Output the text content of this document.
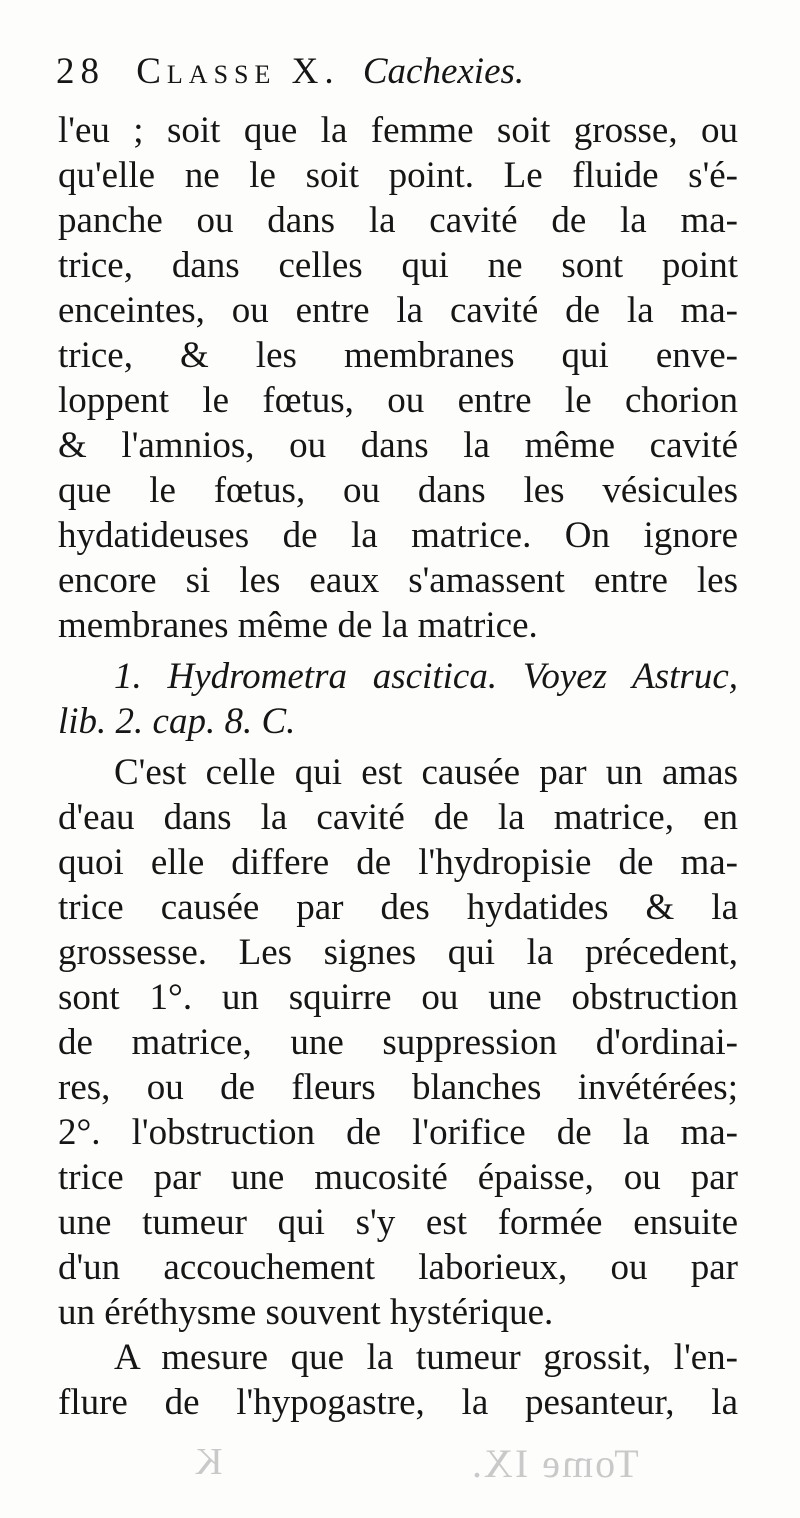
Tome IX.
K
28 Classe X. Cachexies.
l'eu ; soit que la femme soit grosse, ou
qu'elle ne le soit point. Le fluide s'é-
panche ou dans la cavité de la ma-
trice, dans celles qui ne sont point
enceintes, ou entre la cavité de la ma-
trice, & les membranes qui enve-
loppent le fœtus, ou entre le chorion
& l'amnios, ou dans la même cavité
que le fœtus, ou dans les vésicules
hydatideuses de la matrice. On ignore
encore si les eaux s'amassent entre les
membranes même de la matrice.
1. Hydrometra ascitica. Voyez Astruc,
lib. 2. cap. 8. C.
C'est celle qui est causée par un amas
d'eau dans la cavité de la matrice, en
quoi elle differe de l'hydropisie de ma-
trice causée par des hydatides & la
grossesse. Les signes qui la précedent,
sont 1°. un squirre ou une obstruction
de matrice, une suppression d'ordinai-
res, ou de fleurs blanches invétérées;
2°. l'obstruction de l'orifice de la ma-
trice par une mucosité épaisse, ou par
une tumeur qui s'y est formée ensuite
d'un accouchement laborieux, ou par
un éréthysme souvent hystérique.
A mesure que la tumeur grossit, l'en-
flure de l'hypogastre, la pesanteur, la
